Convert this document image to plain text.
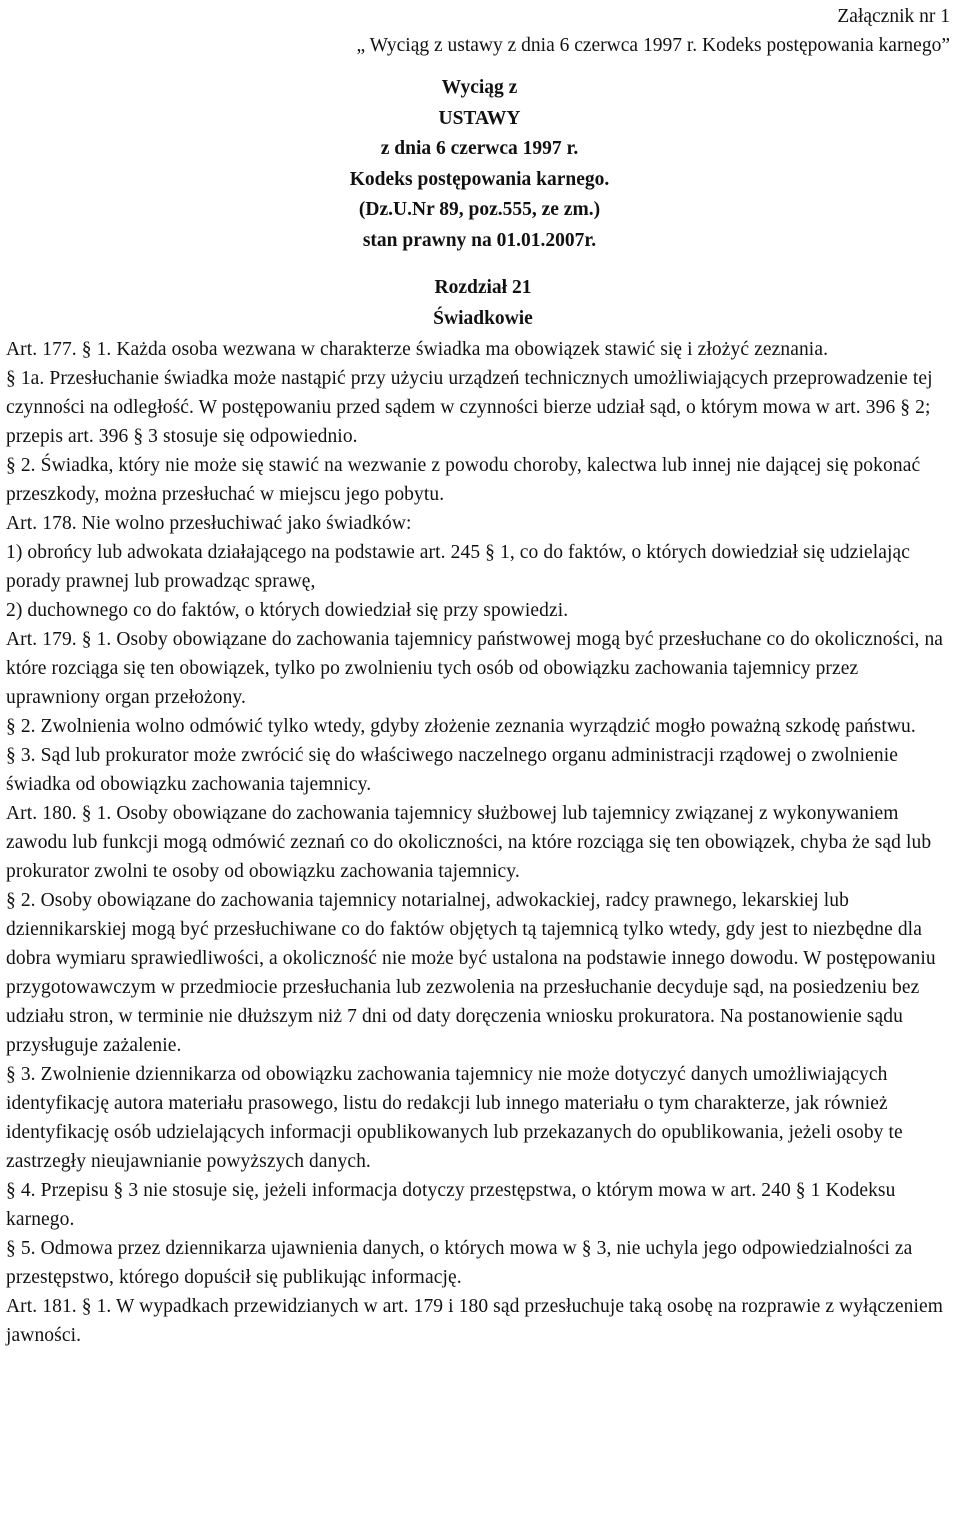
Załącznik nr 1
„ Wyciąg z ustawy z dnia 6 czerwca 1997 r. Kodeks postępowania karnego”
Wyciąg z
USTAWY
z dnia 6 czerwca 1997 r.
Kodeks postępowania karnego.
(Dz.U.Nr 89, poz.555, ze zm.)
stan prawny na 01.01.2007r.
Rozdział 21
Świadkowie

Art. 177. § 1. Każda osoba wezwana w charakterze świadka ma obowiązek stawić się i złożyć zeznania.

§ 1a. Przesłuchanie świadka może nastąpić przy użyciu urządzeń technicznych umożliwiających przeprowadzenie tej czynności na odległość. W postępowaniu przed sądem w czynności bierze udział sąd, o którym mowa w art. 396 § 2; przepis art. 396 § 3 stosuje się odpowiednio.

§ 2. Świadka, który nie może się stawić na wezwanie z powodu choroby, kalectwa lub innej nie dającej się pokonać przeszkody, można przesłuchać w miejscu jego pobytu.

Art. 178. Nie wolno przesłuchiwać jako świadków:

1) obrońcy lub adwokata działającego na podstawie art. 245 § 1, co do faktów, o których dowiedział się udzielając porady prawnej lub prowadząc sprawę,

2) duchownego co do faktów, o których dowiedział się przy spowiedzi.

Art. 179. § 1. Osoby obowiązane do zachowania tajemnicy państwowej mogą być przesłuchane co do okoliczności, na które rozciąga się ten obowiązek, tylko po zwolnieniu tych osób od obowiązku zachowania tajemnicy przez uprawniony organ przełożony.

§ 2. Zwolnienia wolno odmówić tylko wtedy, gdyby złożenie zeznania wyrządzić mogło poważną szkodę państwu.

§ 3. Sąd lub prokurator może zwrócić się do właściwego naczelnego organu administracji rządowej o zwolnienie świadka od obowiązku zachowania tajemnicy.

Art. 180. § 1. Osoby obowiązane do zachowania tajemnicy służbowej lub tajemnicy związanej z wykonywaniem zawodu lub funkcji mogą odmówić zeznań co do okoliczności, na które rozciąga się ten obowiązek, chyba że sąd lub prokurator zwolni te osoby od obowiązku zachowania tajemnicy.

§ 2. Osoby obowiązane do zachowania tajemnicy notarialnej, adwokackiej, radcy prawnego, lekarskiej lub dziennikarskiej mogą być przesłuchiwane co do faktów objętych tą tajemnicą tylko wtedy, gdy jest to niezbędne dla dobra wymiaru sprawiedliwości, a okoliczność nie może być ustalona na podstawie innego dowodu. W postępowaniu przygotowawczym w przedmiocie przesłuchania lub zezwolenia na przesłuchanie decyduje sąd, na posiedzeniu bez udziału stron, w terminie nie dłuższym niż 7 dni od daty doręczenia wniosku prokuratora. Na postanowienie sądu przysługuje zażalenie.

§ 3. Zwolnienie dziennikarza od obowiązku zachowania tajemnicy nie może dotyczyć danych umożliwiających identyfikację autora materiału prasowego, listu do redakcji lub innego materiału o tym charakterze, jak również identyfikację osób udzielających informacji opublikowanych lub przekazanych do opublikowania, jeżeli osoby te zastrzegły nieujawnianie powyższych danych.

§ 4. Przepisu § 3 nie stosuje się, jeżeli informacja dotyczy przestępstwa, o którym mowa w art. 240 § 1 Kodeksu karnego.

§ 5. Odmowa przez dziennikarza ujawnienia danych, o których mowa w § 3, nie uchyla jego odpowiedzialności za przestępstwo, którego dopuścił się publikując informację.

Art. 181. § 1. W wypadkach przewidzianych w art. 179 i 180 sąd przesłuchuje taką osobę na rozprawie z wyłączeniem jawności.
